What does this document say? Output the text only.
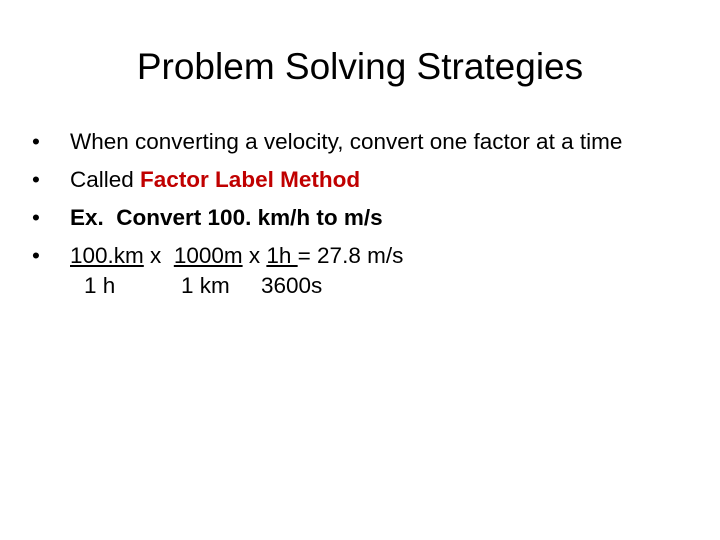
Problem Solving Strategies
• When converting a velocity, convert one factor at a time
• Called Factor Label Method
• Ex.  Convert 100. km/h to m/s
• 100.km x  1000m x 1h = 27.8 m/s
1 h	1 km 3600s
